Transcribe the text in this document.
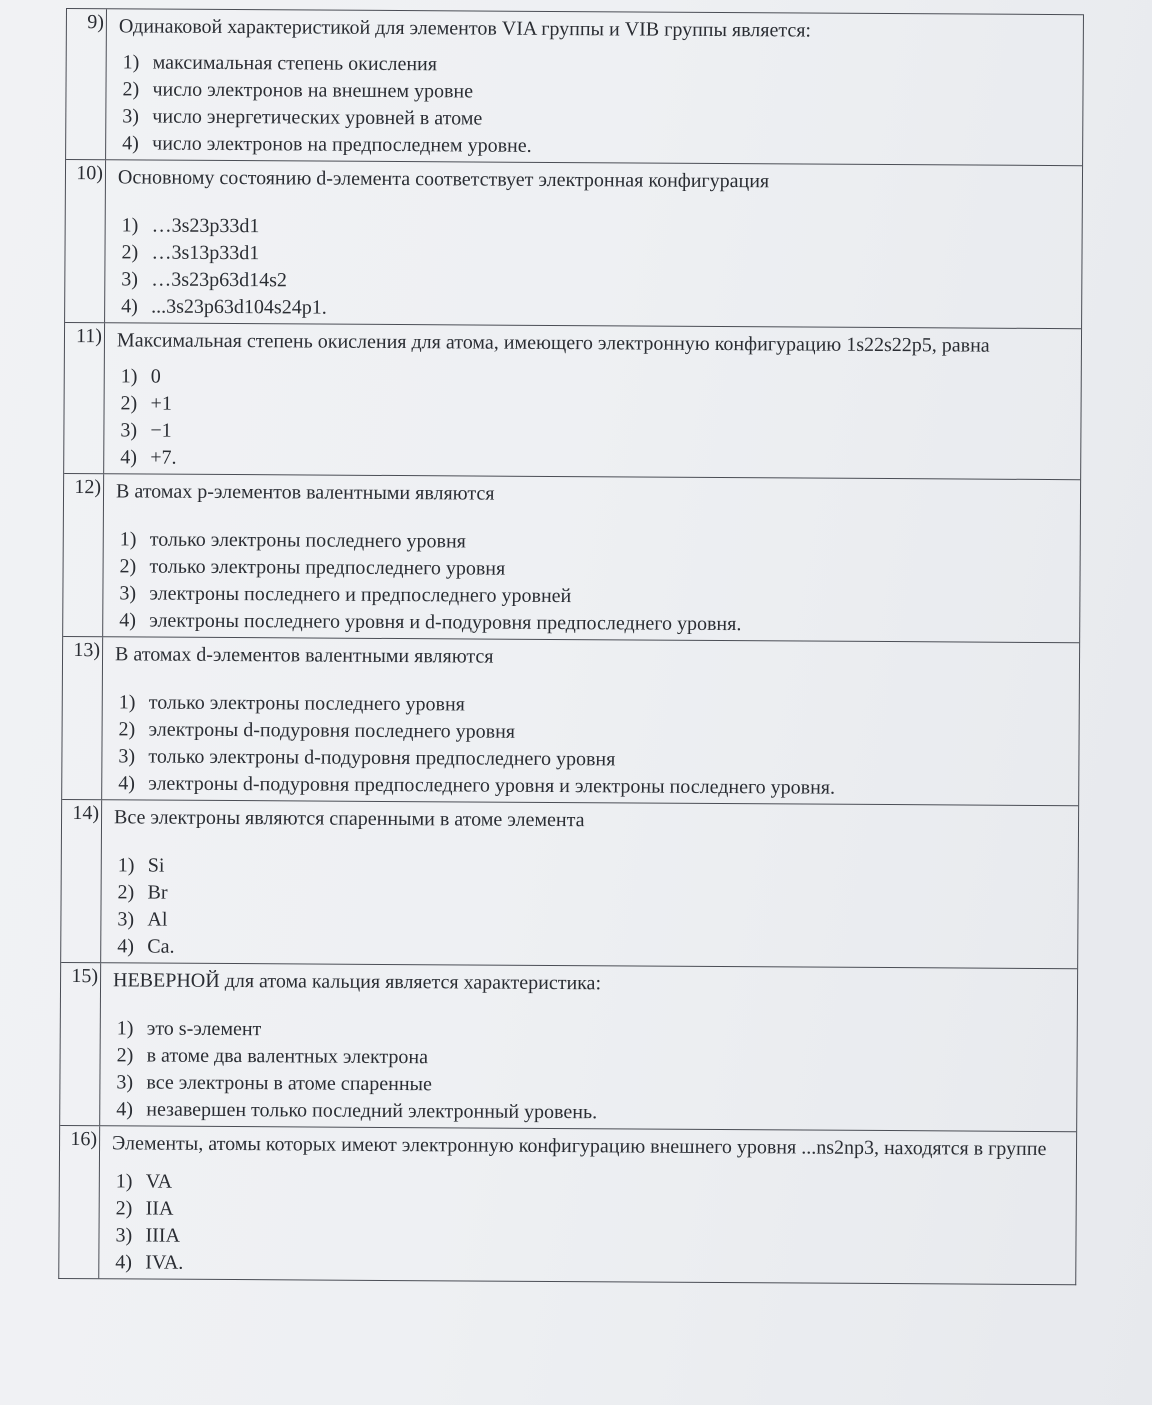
9) Одинаковой характеристикой для элементов VIA группы и VIB группы является:
1) максимальная степень окисления
2) число электронов на внешнем уровне
3) число энергетических уровней в атоме
4) число электронов на предпоследнем уровне.
10) Основному состоянию d-элемента соответствует электронная конфигурация
1) …3s23p33d1
2) …3s13p33d1
3) …3s23p63d14s2
4) ...3s23p63d104s24p1.
11) Максимальная степень окисления для атома, имеющего электронную конфигурацию 1s22s22p5, равна
1) 0
2) +1
3) −1
4) +7.
12) В атомах p-элементов валентными являются
1) только электроны последнего уровня
2) только электроны предпоследнего уровня
3) электроны последнего и предпоследнего уровней
4) электроны последнего уровня и d-подуровня предпоследнего уровня.
13) В атомах d-элементов валентными являются
1) только электроны последнего уровня
2) электроны d-подуровня последнего уровня
3) только электроны d-подуровня предпоследнего уровня
4) электроны d-подуровня предпоследнего уровня и электроны последнего уровня.
14) Все электроны являются спаренными в атоме элемента
1) Si
2) Br
3) Al
4) Ca.
15) НЕВЕРНОЙ для атома кальция является характеристика:
1) это s-элемент
2) в атоме два валентных электрона
3) все электроны в атоме спаренные
4) незавершен только последний электронный уровень.
16) Элементы, атомы которых имеют электронную конфигурацию внешнего уровня ...ns2np3, находятся в группе
1) VA
2) IIA
3) IIIA
4) IVA.
